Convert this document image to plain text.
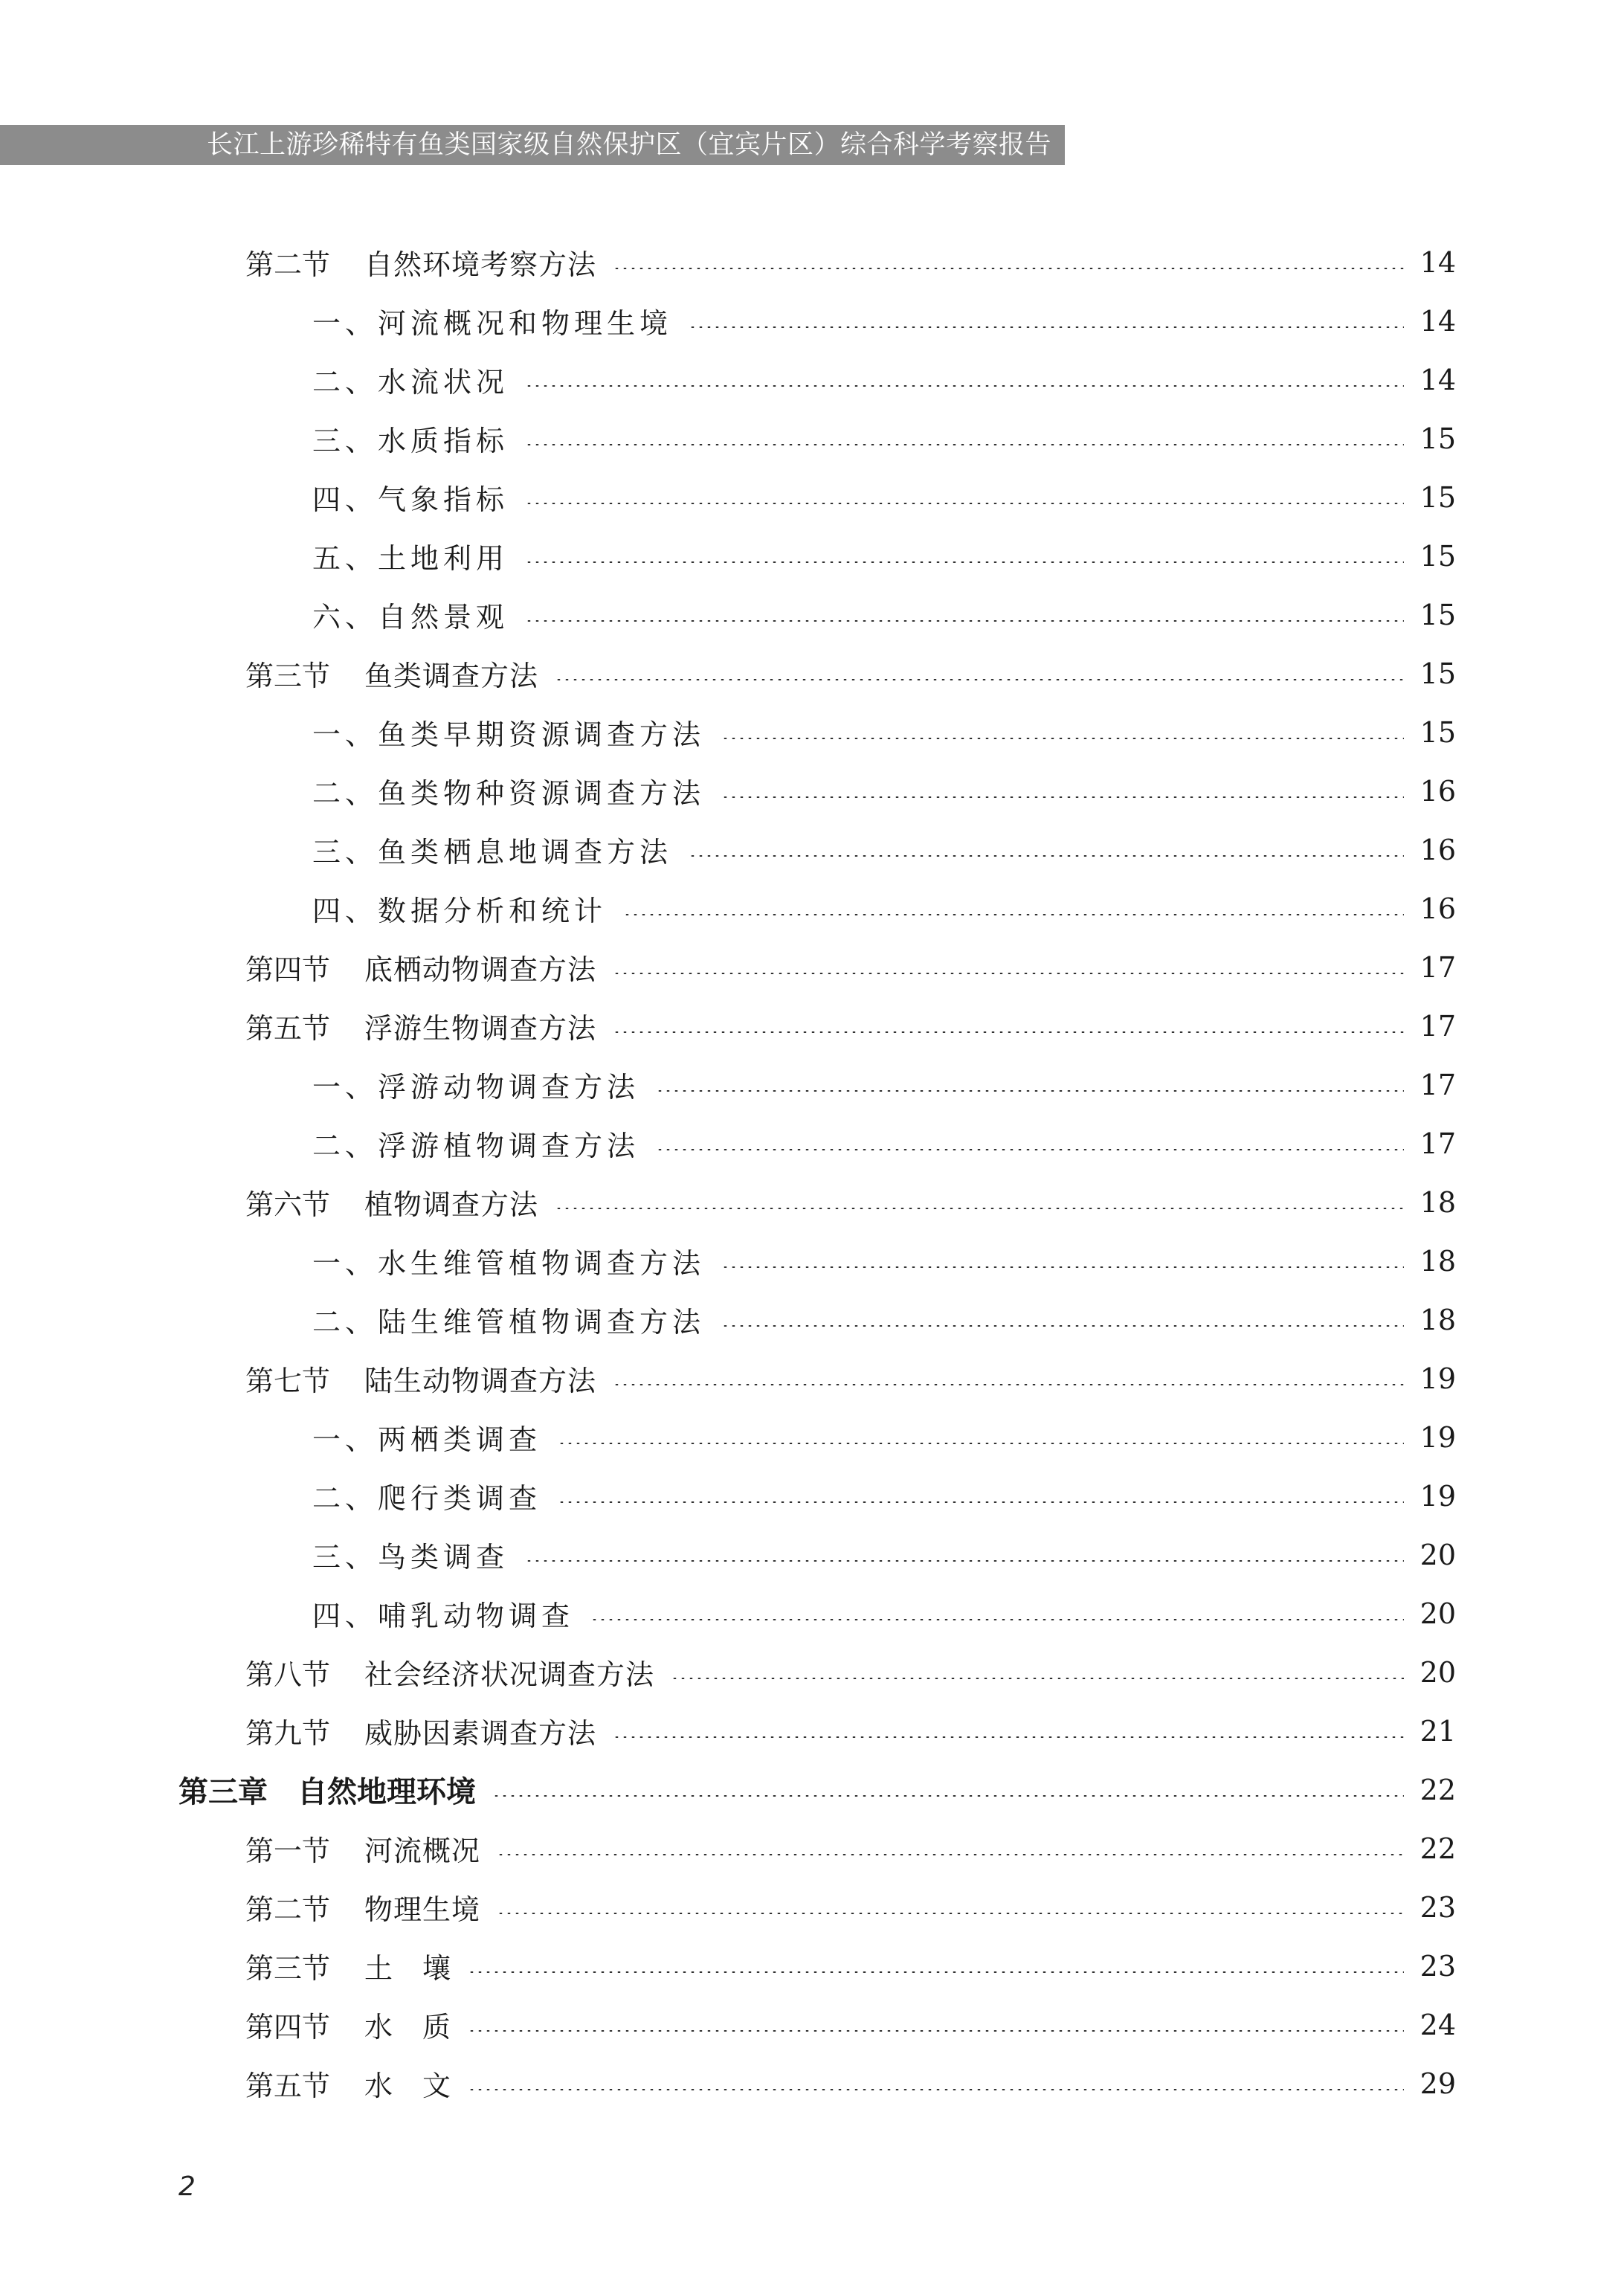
长江上游珍稀特有鱼类国家级自然保护区（宜宾片区）综合科学考察报告
第二节 自然环境考察方法	14
一、 河流概况和物理生境	14
二、 水流状况	14
三、 水质指标	15
四、 气象指标	15
五、 土地利用	15
六、 自然景观	15
第三节 鱼类调查方法	15
一、 鱼类早期资源调查方法	15
二、 鱼类物种资源调查方法	16
三、 鱼类栖息地调查方法	16
四、 数据分析和统计	16
第四节 底栖动物调查方法	17
第五节 浮游生物调查方法	17
一、 浮游动物调查方法	17
二、 浮游植物调查方法	17
第六节 植物调查方法	18
一、 水生维管植物调查方法	18
二、 陆生维管植物调查方法	18
第七节 陆生动物调查方法	19
一、 两栖类调查	19
二、 爬行类调查	19
三、 鸟类调查	20
四、 哺乳动物调查	20
第八节 社会经济状况调查方法	20
第九节 威胁因素调查方法	21
第三章 自然地理环境	22
第一节 河流概况	22
第二节 物理生境	23
第三节 土　壤	23
第四节 水　质	24
第五节 水　文	29
2
